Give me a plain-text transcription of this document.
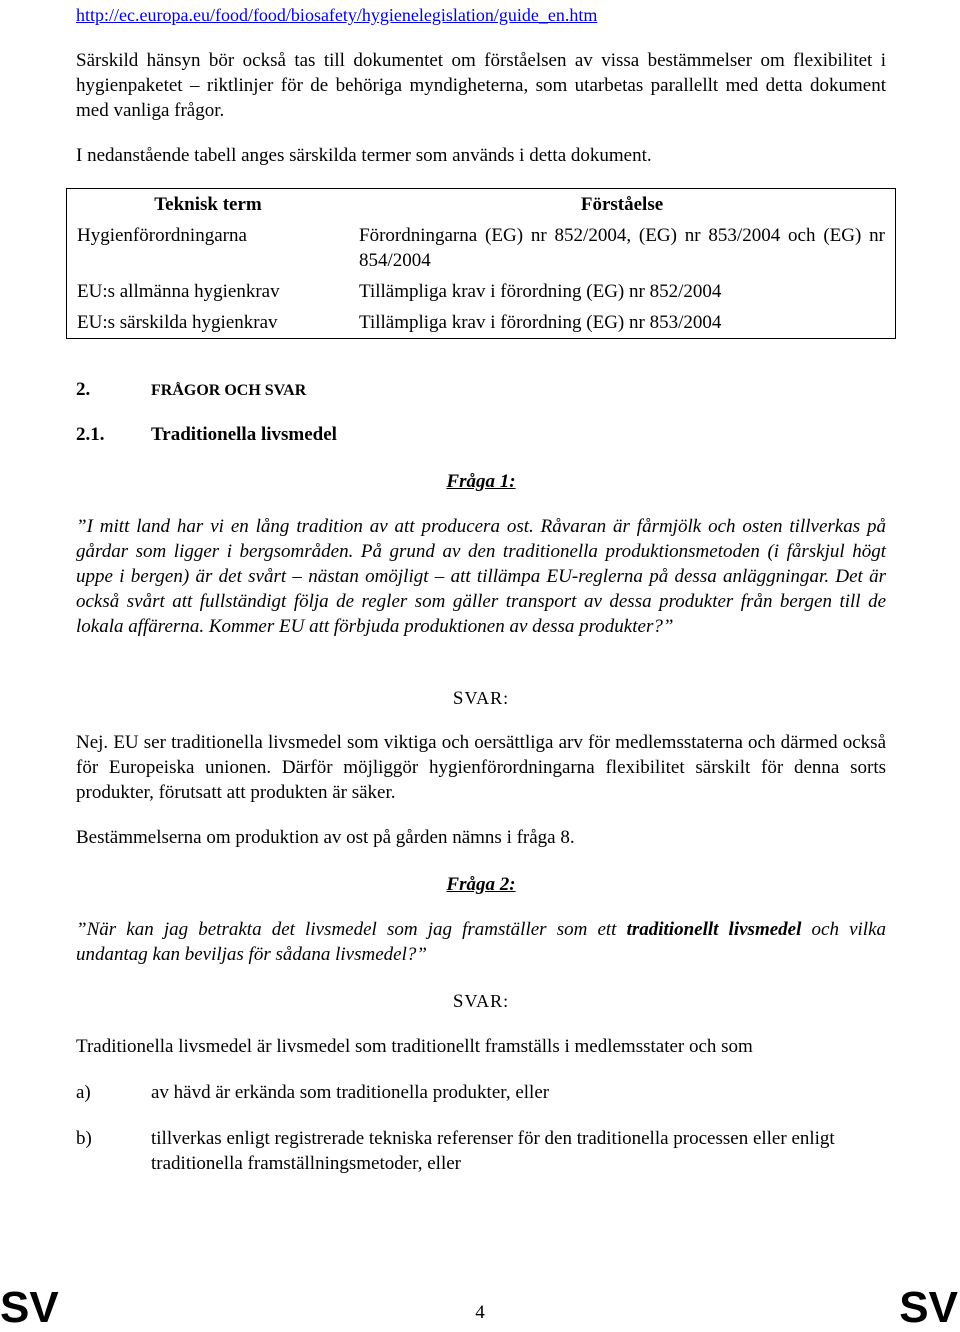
http://ec.europa.eu/food/food/biosafety/hygienelegislation/guide_en.htm
Särskild hänsyn bör också tas till dokumentet om förståelsen av vissa bestämmelser om flexibilitet i hygienpaketet – riktlinjer för de behöriga myndigheterna, som utarbetas parallellt med detta dokument med vanliga frågor.
I nedanstående tabell anges särskilda termer som används i detta dokument.
Teknisk term	Förståelse
Hygienförordningarna	Förordningarna (EG) nr 852/2004, (EG) nr 853/2004 och (EG) nr 854/2004
EU:s allmänna hygienkrav	Tillämpliga krav i förordning (EG) nr 852/2004
EU:s särskilda hygienkrav	Tillämpliga krav i förordning (EG) nr 853/2004
2.	FRÅGOR OCH SVAR
2.1. Traditionella livsmedel
Fråga 1:
”I mitt land har vi en lång tradition av att producera ost. Råvaran är fårmjölk och osten tillverkas på gårdar som ligger i bergsområden. På grund av den traditionella produktionsmetoden (i fårskjul högt uppe i bergen) är det svårt – nästan omöjligt – att tillämpa EU-reglerna på dessa anläggningar. Det är också svårt att fullständigt följa de regler som gäller transport av dessa produkter från bergen till de lokala affärerna. Kommer EU att förbjuda produktionen av dessa produkter?”
SVAR:
Nej. EU ser traditionella livsmedel som viktiga och oersättliga arv för medlemsstaterna och därmed också för Europeiska unionen. Därför möjliggör hygienförordningarna flexibilitet särskilt för denna sorts produkter, förutsatt att produkten är säker.
Bestämmelserna om produktion av ost på gården nämns i fråga 8.
Fråga 2:
”När kan jag betrakta det livsmedel som jag framställer som ett traditionellt livsmedel och vilka undantag kan beviljas för sådana livsmedel?”
SVAR:
Traditionella livsmedel är livsmedel som traditionellt framställs i medlemsstater och som
a)	av hävd är erkända som traditionella produkter, eller
b)	tillverkas enligt registrerade tekniska referenser för den traditionella processen eller enligt traditionella framställningsmetoder, eller
SV	4	SV
